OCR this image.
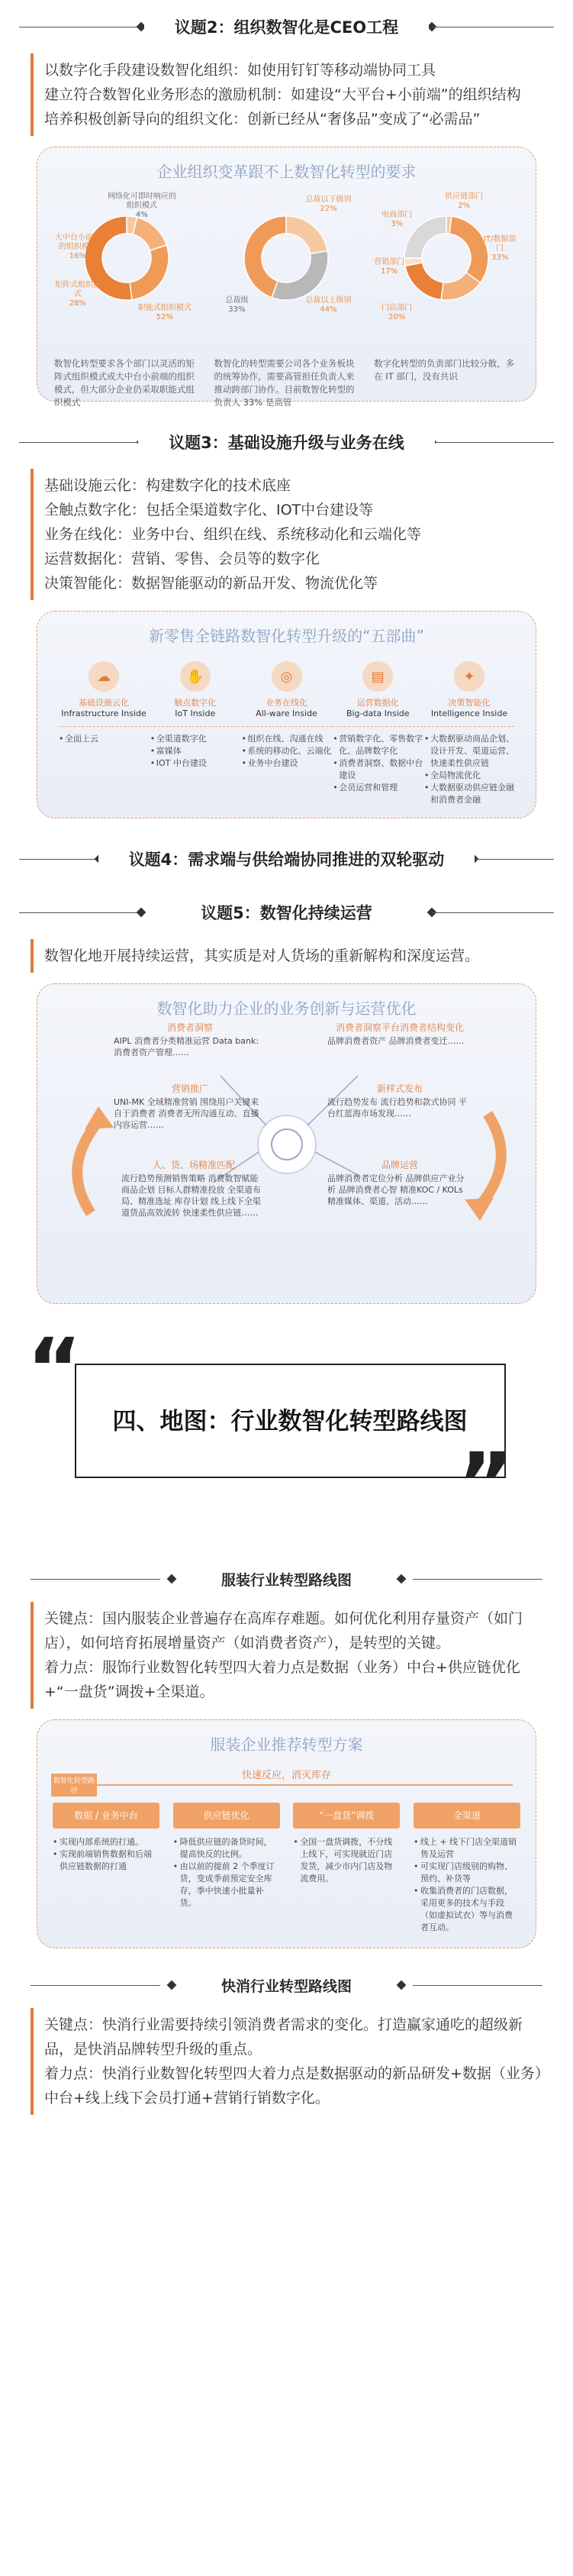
议题2：组织数智化是CEO工程

以数字化手段建设数智化组织：如使用钉钉等移动端协同工具

建立符合数智化业务形态的激励机制：如建设“大平台+小前端”的组织结构

培养积极创新导向的组织文化：创新已经从“奢侈品”变成了“必需品”

企业组织变革跟不上数智化转型的要求
网络化可即时响应的组织模式
4%
大中台小前端的组织模式
16%
矩阵式组织模式
28%
职能式组织模式
52%
总裁以下级别
22%
总裁级
33%
总裁以上级别
44%
供应链部门
2%
IT/数据部门
33%
营销部门
17%
门店部门
20%
电商部门
3%
数智化转型要求各个部门以灵活的矩阵式组织模式或大中台小前端的组织模式，但大部分企业仍采取职能式组织模式
数智化的转型需要公司各个业务板块的统筹协作，需要高管担任负责人来推动跨部门协作。目前数智化转型的负责人 33% 是高管
数字化转型的负责部门比较分散，多在 IT 部门，没有共识
议题3：基础设施升级与业务在线

基础设施云化：构建数字化的技术底座

全触点数字化：包括全渠道数字化、IOT中台建设等

业务在线化：业务中台、组织在线、系统移动化和云端化等

运营数据化：营销、零售、会员等的数字化

决策智能化：数据智能驱动的新品开发、物流优化等

新零售全链路数智化转型升级的“五部曲”
☁
基础设施云化
Infrastructure Inside
• 全面上云
✋
触点数字化
IoT Inside
• 全渠道数字化
• 富媒体
• IOT 中台建设
◎
业务在线化
All-ware Inside
• 组织在线、沟通在线
• 系统的移动化、云端化
• 业务中台建设
▤
运营数据化
Big-data Inside
• 营销数字化、零售数字化、品牌数字化
• 消费者洞察、数据中台建设
• 会员运营和管理
✦
决策智能化
Intelligence Inside
• 大数据驱动商品企划、设计开发、渠道运营、快速柔性供应链
• 全局物流优化
• 大数据驱动供应链金融和消费者金融
议题4：需求端与供给端协同推进的双轮驱动
议题5：数智化持续运营

数智化地开展持续运营，其实质是对人货场的重新解构和深度运营。

数智化助力企业的业务创新与运营优化
消费者洞察
AIPL 消费者分类精准运营 Data bank: 消费者资产管理……
营销推广
UNI-MK 全域精准营销 围绕用户关键来自于消费者 消费者无所沟通互动、直播内容运营……
人、货、场精准匹配
流行趋势预测销售策略 消费数智赋能商品企划 目标人群精准投放 全渠道布局、精准选址 库存计划 线上线下全渠道货品高效流转 快速柔性供应链……
消费者洞察平台消费者结构变化
品牌消费者资产 品牌消费者变迁……
新样式发布
流行趋势发布 流行趋势和款式协同 平台红蓝海市场发现……
品牌运营
品牌消费者定位分析 品牌供应产业分析 品牌消费者心智 精准KOC / KOLs 精准媒体、渠道、活动……
“
四、地图：行业数智化转型路线图
”
服装行业转型路线图

关键点：国内服装企业普遍存在高库存难题。如何优化利用存量资产（如门店），如何培育拓展增量资产（如消费者资产），是转型的关键。

着力点：服饰行业数智化转型四大着力点是数据（业务）中台+供应链优化+“一盘货”调拨+全渠道。

服装企业推荐转型方案
数智化转型路径
快速反应，消灭库存
数据 / 业务中台
• 实现内部系统的打通。
• 实现前端销售数据和后端供应链数据的打通
供应链优化
• 降低供应链的备货时间，提高快反的比例。
• 由以前的提前 2 个季度订货，变成季前预定安全库存，季中快速小批量补货。
“一盘货”调拨
• 全国一盘货调拨，不分线上线下，可实现就近门店发货，减少市内门店及物流费用。
全渠道
• 线上 + 线下门店全渠道销售及运营
• 可实现门店级别的购物、预约、补货等
• 收集消费者的门店数据，采用更多的技术与手段（如虚拟试衣）等与消费者互动。
快消行业转型路线图

关键点：快消行业需要持续引领消费者需求的变化。打造赢家通吃的超级新品，是快消品牌转型升级的重点。

着力点：快消行业数智化转型四大着力点是数据驱动的新品研发+数据（业务）中台+线上线下会员打通+营销行销数字化。
